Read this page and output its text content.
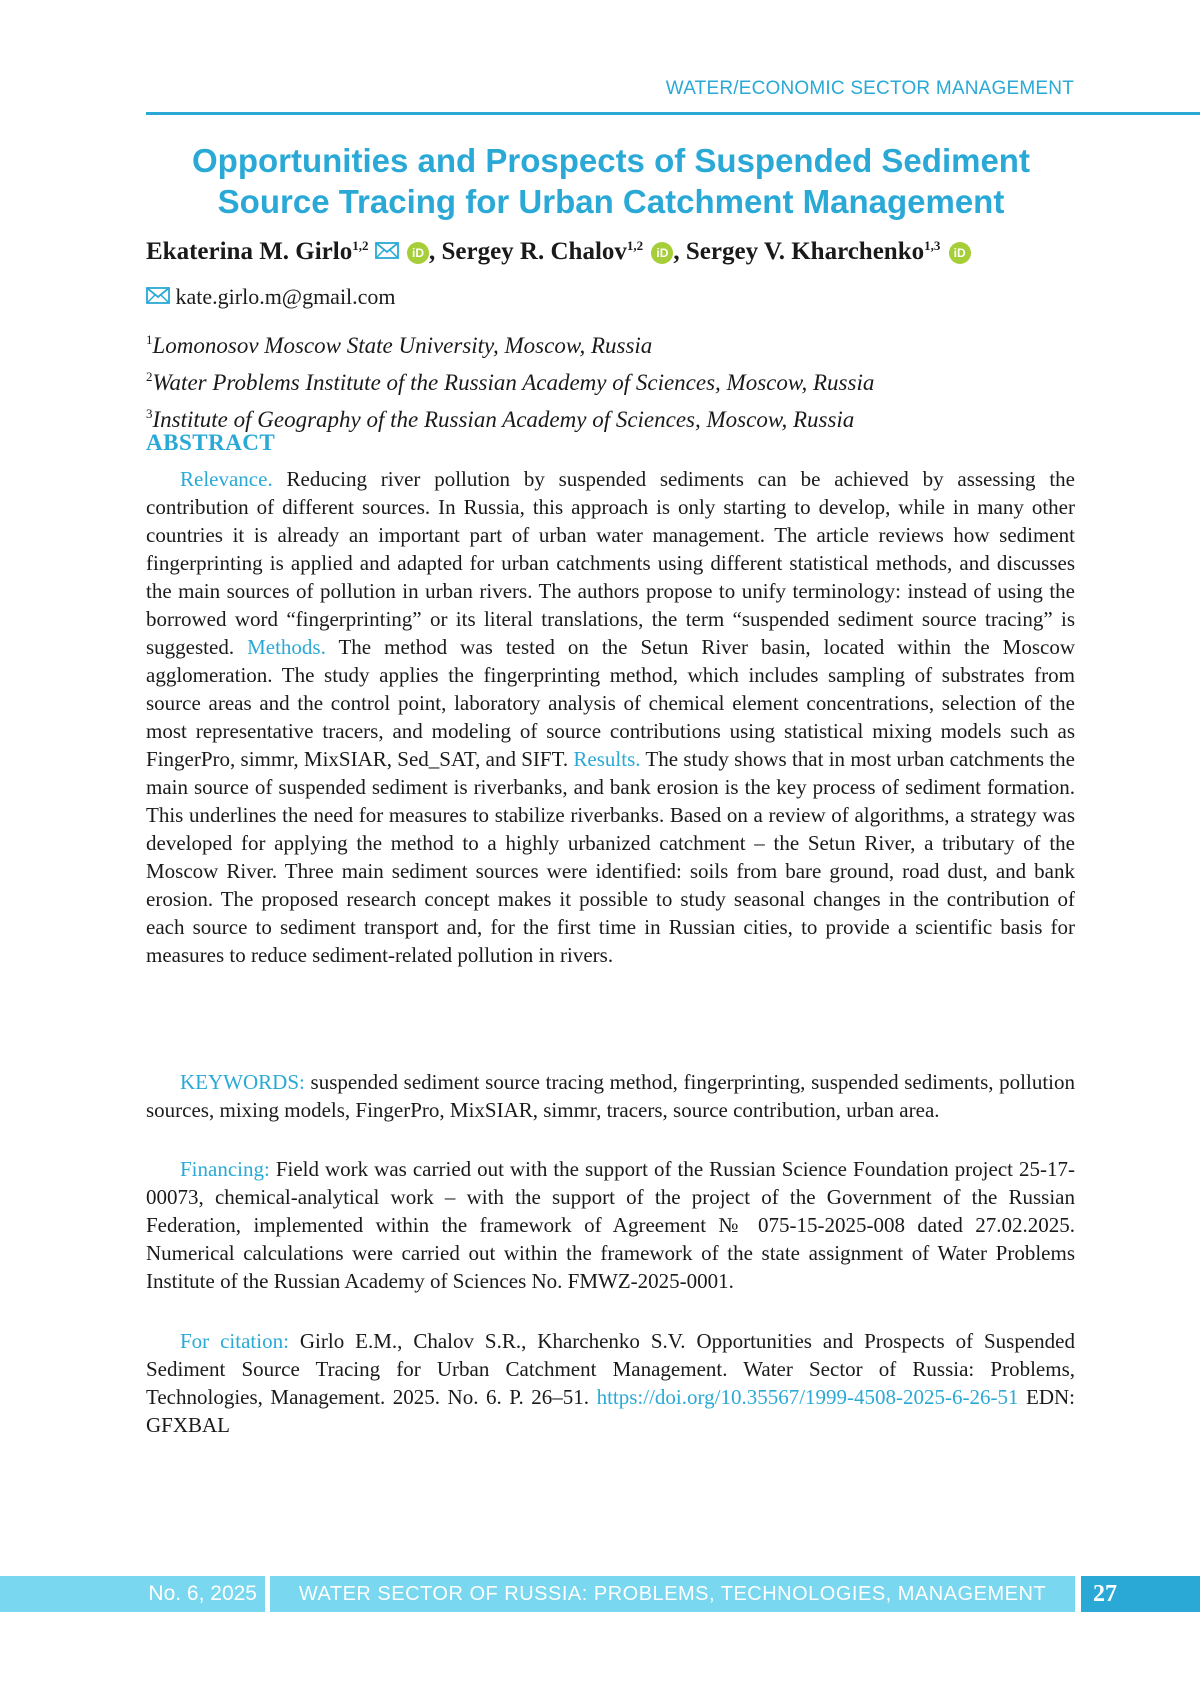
WATER/ECONOMIC SECTOR MANAGEMENT
Opportunities and Prospects of Suspended Sediment
Source Tracing for Urban Catchment Management
Ekaterina M. Girlo$^{1,2}$	iD , Sergey R. Chalov$^{1,2}$ iD , Sergey V. Kharchenko$^{1,3}$ iD
kate.girlo.m@gmail.com
$^1$Lomonosov Moscow State University, Moscow, Russia
$^2$Water Problems Institute of the Russian Academy of Sciences, Moscow, Russia
$^3$Institute of Geography of the Russian Academy of Sciences, Moscow, Russia
ABSTRACT
Relevance. Reducing river pollution by suspended sediments can be achieved by assessing the contribution of different sources. In Russia, this approach is only starting to develop, while in many other countries it is already an important part of urban water management. The article reviews how sediment fingerprinting is applied and adapted for urban catchments using different statistical methods, and discusses the main sources of pollution in urban rivers. The authors propose to unify terminology: instead of using the borrowed word “fingerprinting” or its literal translations, the term “suspended sediment source tracing” is suggested. Methods. The method was tested on the Setun River basin, located within the Moscow agglomeration. The study applies the fingerprinting method, which includes sampling of substrates from source areas and the control point, laboratory analysis of chemical element concentrations, selection of the most representative tracers, and modeling of source contributions using statistical mixing models such as FingerPro, simmr, MixSIAR, Sed_SAT, and SIFT. Results. The study shows that in most urban catchments the main source of suspended sediment is riverbanks, and bank erosion is the key process of sediment formation. This underlines the need for measures to stabilize riverbanks. Based on a review of algorithms, a strategy was developed for applying the method to a highly urbanized catchment – the Setun River, a tributary of the Moscow River. Three main sediment sources were identified: soils from bare ground, road dust, and bank erosion. The proposed research concept makes it possible to study seasonal changes in the contribution of each source to sediment transport and, for the first time in Russian cities, to provide a scientific basis for measures to reduce sediment-related pollution in rivers.
KEYWORDS: suspended sediment source tracing method, fingerprinting, suspended sediments, pollution sources, mixing models, FingerPro, MixSIAR, simmr, tracers, source contribution, urban area.
Financing: Field work was carried out with the support of the Russian Science Foundation project 25-17-00073, chemical-analytical work – with the support of the project of the Government of the Russian Federation, implemented within the framework of Agreement № 075-15-2025-008 dated 27.02.2025. Numerical calculations were carried out within the framework of the state assignment of Water Problems Institute of the Russian Academy of Sciences No. FMWZ-2025-0001.
For citation: Girlo E.M., Chalov S.R., Kharchenko S.V. Opportunities and Prospects of Suspended Sediment Source Tracing for Urban Catchment Management. Water Sector of Russia: Problems, Technologies, Management. 2025. No. 6. P. 26–51. https://doi.org/10.35567/1999-4508-2025-6-26-51 EDN: GFXBAL
No. 6, 2025	WATER SECTOR OF RUSSIA: PROBLEMS, TECHNOLOGIES, MANAGEMENT	27
